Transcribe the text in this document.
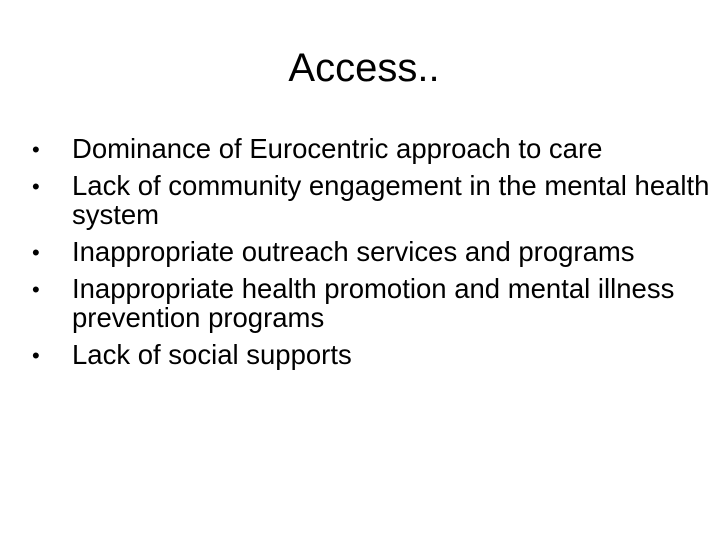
Access..
• Dominance of Eurocentric approach to care
• Lack of community engagement in the mental health system
• Inappropriate outreach services and programs
• Inappropriate health promotion and mental illness prevention programs
• Lack of social supports
